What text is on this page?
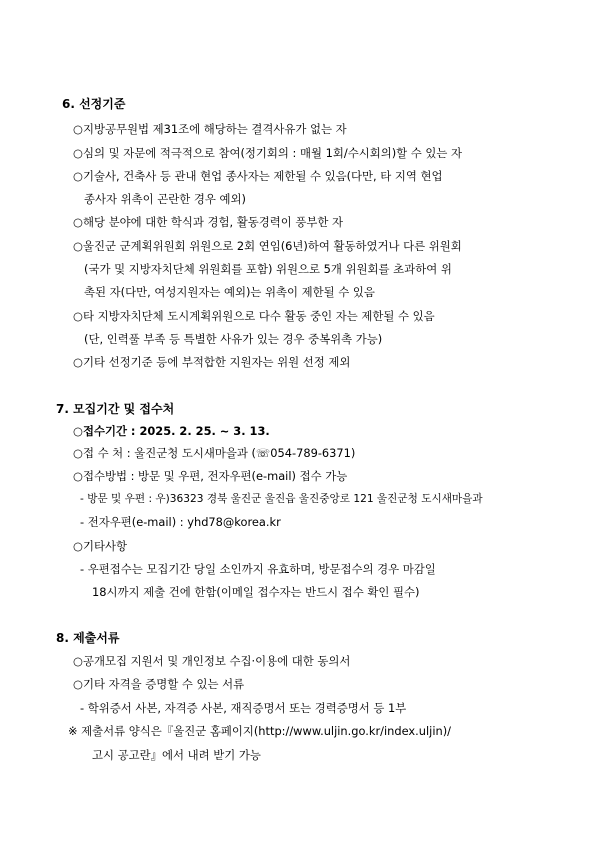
6. 선정기준
○지방공무원법 제31조에 해당하는 결격사유가 없는 자
○심의 및 자문에 적극적으로 참여(정기회의 : 매월 1회/수시회의)할 수 있는 자
○기술사, 건축사 등 관내 현업 종사자는 제한될 수 있음(다만, 타 지역 현업
종사자 위촉이 곤란한 경우 예외)
○해당 분야에 대한 학식과 경험, 활동경력이 풍부한 자
○울진군 군계획위원회 위원으로 2회 연임(6년)하여 활동하였거나 다른 위원회
(국가 및 지방자치단체 위원회를 포함) 위원으로 5개 위원회를 초과하여 위
촉된 자(다만, 여성지원자는 예외)는 위촉이 제한될 수 있음
○타 지방자치단체 도시계획위원으로 다수 활동 중인 자는 제한될 수 있음
(단, 인력풀 부족 등 특별한 사유가 있는 경우 중복위촉 가능)
○기타 선정기준 등에 부적합한 지원자는 위원 선정 제외
7. 모집기간 및 접수처
○접수기간 : 2025. 2. 25. ~ 3. 13.
○접 수 처 : 울진군청 도시새마을과 (☏054-789-6371)
○접수방법 : 방문 및 우편, 전자우편(e-mail) 접수 가능
- 방문 및 우편 : 우)36323 경북 울진군 울진읍 울진중앙로 121 울진군청 도시새마을과
- 전자우편(e-mail) : yhd78@korea.kr
○기타사항
- 우편접수는 모집기간 당일 소인까지 유효하며, 방문접수의 경우 마감일
18시까지 제출 건에 한함(이메일 접수자는 반드시 접수 확인 필수)
8. 제출서류
○공개모집 지원서 및 개인정보 수집·이용에 대한 동의서
○기타 자격을 증명할 수 있는 서류
- 학위증서 사본, 자격증 사본, 재직증명서 또는 경력증명서 등 1부
※ 제출서류 양식은『울진군 홈페이지(http://www.uljin.go.kr/index.uljin)/
고시 공고란』에서 내려 받기 가능
